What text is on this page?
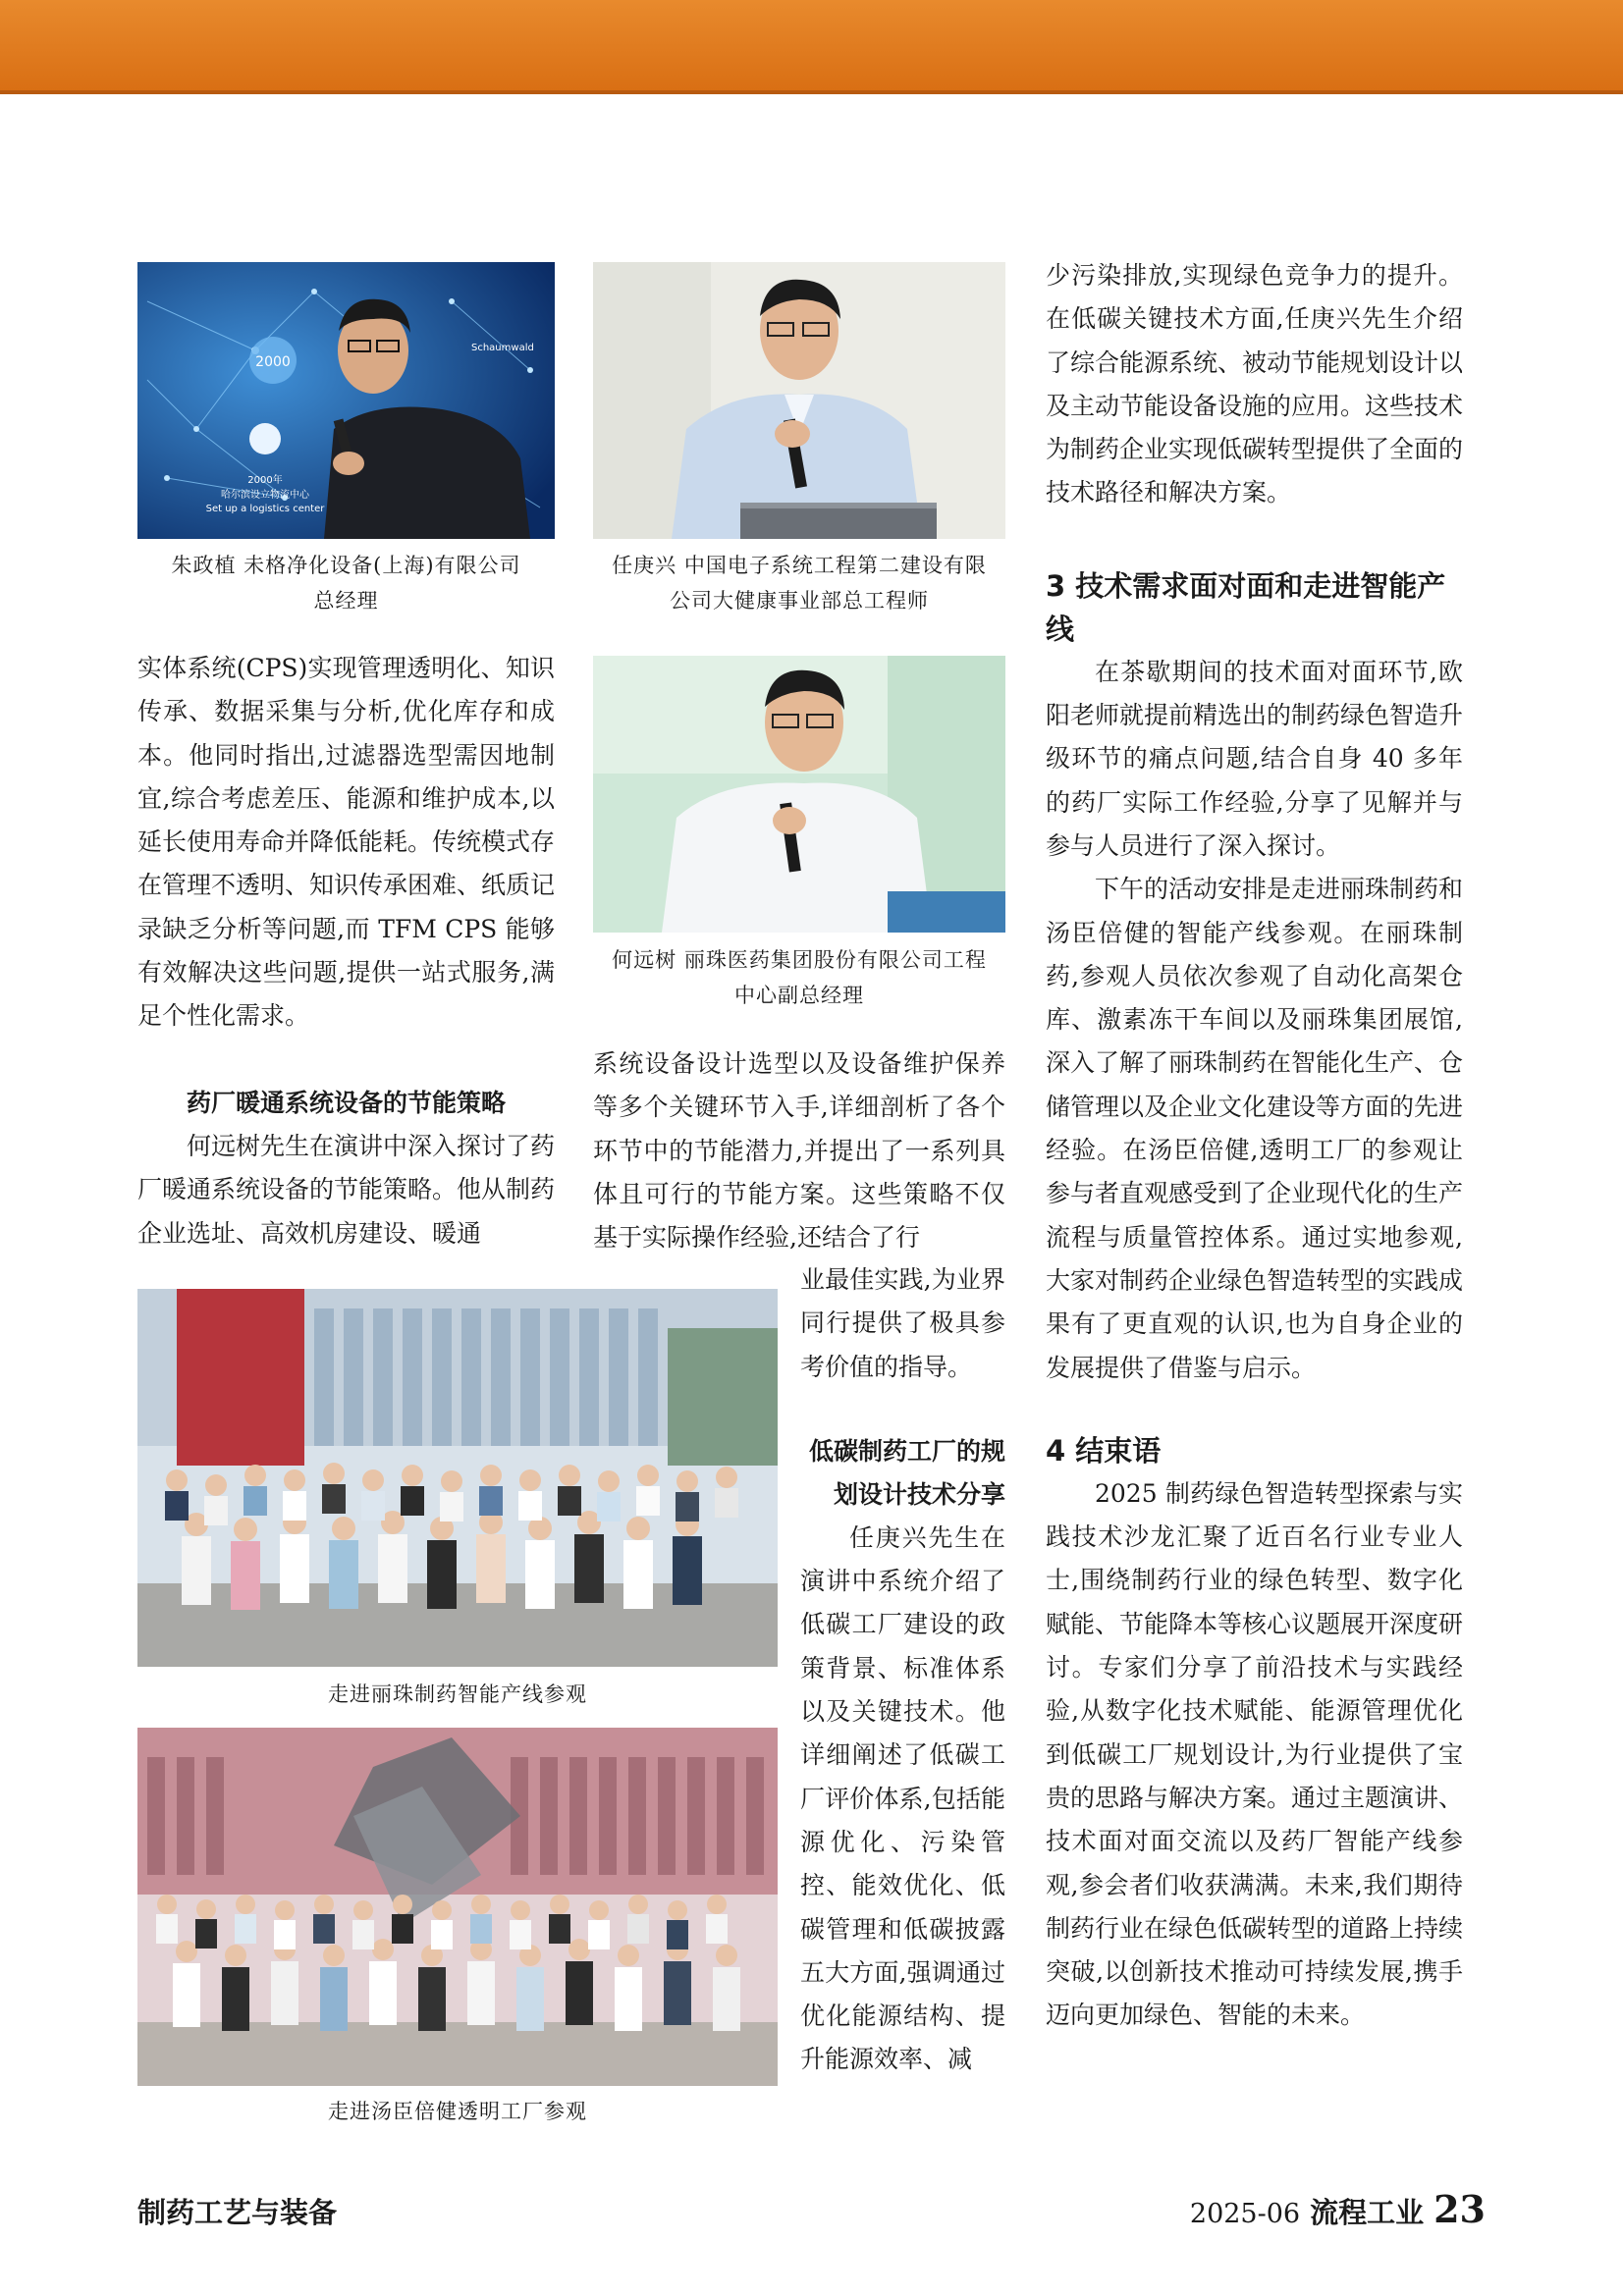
2000
2000年
哈尔滨设立物流中心
Set up a logistics center
Schaumwald

朱政植 未格净化设备(上海)有限公司

总经理

任庚兴 中国电子系统工程第二建设有限

公司大健康事业部总工程师

何远树 丽珠医药集团股份有限公司工程

中心副总经理

实体系统(CPS)实现管理透明化、知识传承、数据采集与分析,优化库存和成本。他同时指出,过滤器选型需因地制宜,综合考虑差压、能源和维护成本,以延长使用寿命并降低能耗。传统模式存在管理不透明、知识传承困难、纸质记录缺乏分析等问题,而 TFM CPS 能够有效解决这些问题,提供一站式服务,满足个性化需求。

药厂暖通系统设备的节能策略

何远树先生在演讲中深入探讨了药厂暖通系统设备的节能策略。他从制药企业选址、高效机房建设、暖通

系统设备设计选型以及设备维护保养等多个关键环节入手,详细剖析了各个环节中的节能潜力,并提出了一系列具体且可行的节能方案。这些策略不仅基于实际操作经验,还结合了行

业最佳实践,为业界同行提供了极具参考价值的指导。

低碳制药工厂的规划设计技术分享

任庚兴先生在演讲中系统介绍了低碳工厂建设的政策背景、标准体系以及关键技术。他详细阐述了低碳工厂评价体系,包括能源优化、污染管控、能效优化、低碳管理和低碳披露五大方面,强调通过优化能源结构、提升能源效率、减

走进丽珠制药智能产线参观

走进汤臣倍健透明工厂参观

少污染排放,实现绿色竞争力的提升。在低碳关键技术方面,任庚兴先生介绍了综合能源系统、被动节能规划设计以及主动节能设备设施的应用。这些技术为制药企业实现低碳转型提供了全面的技术路径和解决方案。

3 技术需求面对面和走进智能产线

在茶歇期间的技术面对面环节,欧阳老师就提前精选出的制药绿色智造升级环节的痛点问题,结合自身 40 多年的药厂实际工作经验,分享了见解并与参与人员进行了深入探讨。

下午的活动安排是走进丽珠制药和汤臣倍健的智能产线参观。在丽珠制药,参观人员依次参观了自动化高架仓库、激素冻干车间以及丽珠集团展馆,深入了解了丽珠制药在智能化生产、仓储管理以及企业文化建设等方面的先进经验。在汤臣倍健,透明工厂的参观让参与者直观感受到了企业现代化的生产流程与质量管控体系。通过实地参观,大家对制药企业绿色智造转型的实践成果有了更直观的认识,也为自身企业的发展提供了借鉴与启示。

4 结束语

2025 制药绿色智造转型探索与实践技术沙龙汇聚了近百名行业专业人士,围绕制药行业的绿色转型、数字化赋能、节能降本等核心议题展开深度研讨。专家们分享了前沿技术与实践经验,从数字化技术赋能、能源管理优化到低碳工厂规划设计,为行业提供了宝贵的思路与解决方案。通过主题演讲、技术面对面交流以及药厂智能产线参观,参会者们收获满满。未来,我们期待制药行业在绿色低碳转型的道路上持续突破,以创新技术推动可持续发展,携手迈向更加绿色、智能的未来。

制药工艺与装备	2025-06 流程工业 23
